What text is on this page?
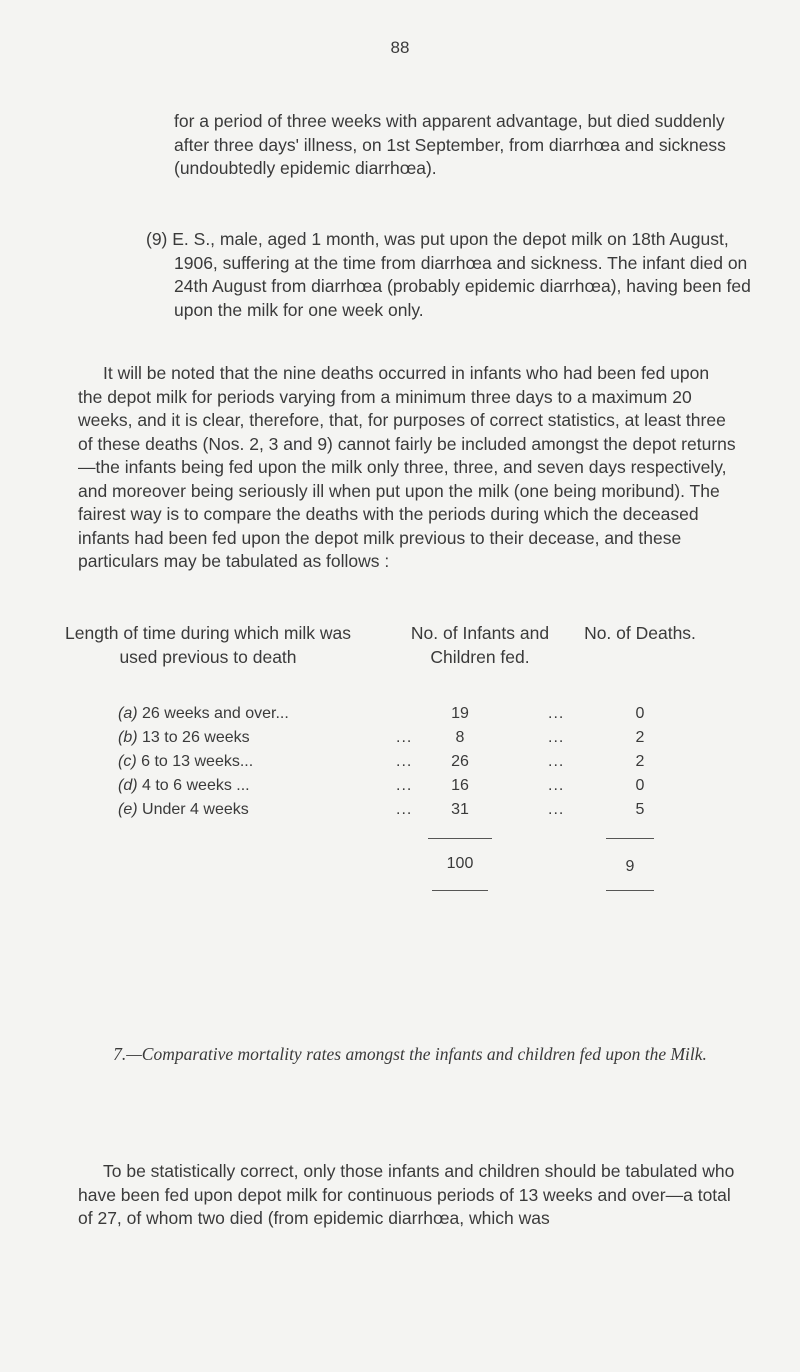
88

for a period of three weeks with apparent advantage, but died suddenly after three days' illness, on 1st September, from diarrhœa and sickness (undoubtedly epidemic diarrhœa).

(9) E. S., male, aged 1 month, was put upon the depot milk on 18th August, 1906, suffering at the time from diarrhœa and sickness. The infant died on 24th August from diarrhœa (probably epidemic diarrhœa), having been fed upon the milk for one week only.

It will be noted that the nine deaths occurred in infants who had been fed upon the depot milk for periods varying from a minimum three days to a maximum 20 weeks, and it is clear, therefore, that, for purposes of correct statistics, at least three of these deaths (Nos. 2, 3 and 9) cannot fairly be included amongst the depot returns—the infants being fed upon the milk only three, three, and seven days respectively, and moreover being seriously ill when put upon the milk (one being moribund). The fairest way is to compare the deaths with the periods during which the deceased infants had been fed upon the depot milk previous to their decease, and these particulars may be tabulated as follows :

Length of time during which milk was used previous to death
No. of Infants and Children fed.
No. of Deaths.
(a) 26 weeks and over...	19	...	0
(b) 13 to 26 weeks	...	8	...	2
(c) 6 to 13 weeks...	...	26	...	2
(d) 4 to 6 weeks ...	...	16	...	0
(e) Under 4 weeks	...	31	...	5
100	9
7.—Comparative mortality rates amongst the infants and children fed upon the Milk.

To be statistically correct, only those infants and children should be tabulated who have been fed upon depot milk for continuous periods of 13 weeks and over—a total of 27, of whom two died (from epidemic diarrhœa, which was
